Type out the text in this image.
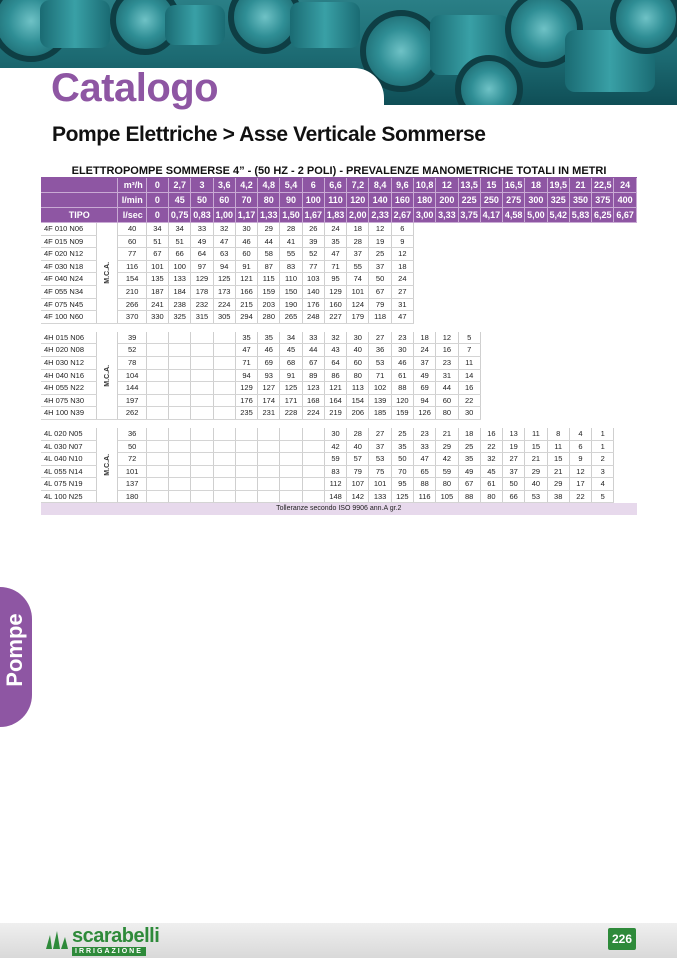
Catalogo
Pompe Elettriche > Asse Verticale Sommerse
ELETTROPOMPE SOMMERSE 4” - (50 HZ - 2 POLI) - PREVALENZE MANOMETRICHE TOTALI IN METRI
		m³/h	0	2,7	3	3,6	4,2	4,8	5,4	6	6,6	7,2	8,4	9,6	10,8	12	13,5	15	16,5	18	19,5	21	22,5	24
		l/min	0	45	50	60	70	80	90	100	110	120	140	160	180	200	225	250	275	300	325	350	375	400
TIPO		l/sec	0	0,75	0,83	1,00	1,17	1,33	1,50	1,67	1,83	2,00	2,33	2,67	3,00	3,33	3,75	4,17	4,58	5,00	5,42	5,83	6,25	6,67
4F 010 N06	M.C.A.	40	34	34	33	32	30	29	28	26	24	18	12	6										
4F 015 N09		60	51	51	49	47	46	44	41	39	35	28	19	9										
4F 020 N12		77	67	66	64	63	60	58	55	52	47	37	25	12										
4F 030 N18		116	101	100	97	94	91	87	83	77	71	55	37	18										
4F 040 N24		154	135	133	129	125	121	115	110	103	95	74	50	24										
4F 055 N34		210	187	184	178	173	166	159	150	140	129	101	67	27										
4F 075 N45		266	241	238	232	224	215	203	190	176	160	124	79	31										
4F 100 N60		370	330	325	315	305	294	280	265	248	227	179	118	47										

4H 015 N06	M.C.A.	39					35	35	34	33	32	30	27	23	18	12	5							
4H 020 N08		52					47	46	45	44	43	40	36	30	24	16	7							
4H 030 N12		78					71	69	68	67	64	60	53	46	37	23	11							
4H 040 N16		104					94	93	91	89	86	80	71	61	49	31	14							
4H 055 N22		144					129	127	125	123	121	113	102	88	69	44	16							
4H 075 N30		197					176	174	171	168	164	154	139	120	94	60	22							
4H 100 N39		262					235	231	228	224	219	206	185	159	126	80	30							

4L 020 N05	M.C.A.	36									30	28	27	25	23	21	18	16	13	11	8	4	1	
4L 030 N07		50									42	40	37	35	33	29	25	22	19	15	11	6	1	
4L 040 N10		72									59	57	53	50	47	42	35	32	27	21	15	9	2	
4L 055 N14		101									83	79	75	70	65	59	49	45	37	29	21	12	3	
4L 075 N19		137									112	107	101	95	88	80	67	61	50	40	29	17	4	
4L 100 N25		180									148	142	133	125	116	105	88	80	66	53	38	22	5	
Tolleranze secondo ISO 9906 ann.A gr.2																								
Pompe
scarabelli
IRRIGAZIONE
226
